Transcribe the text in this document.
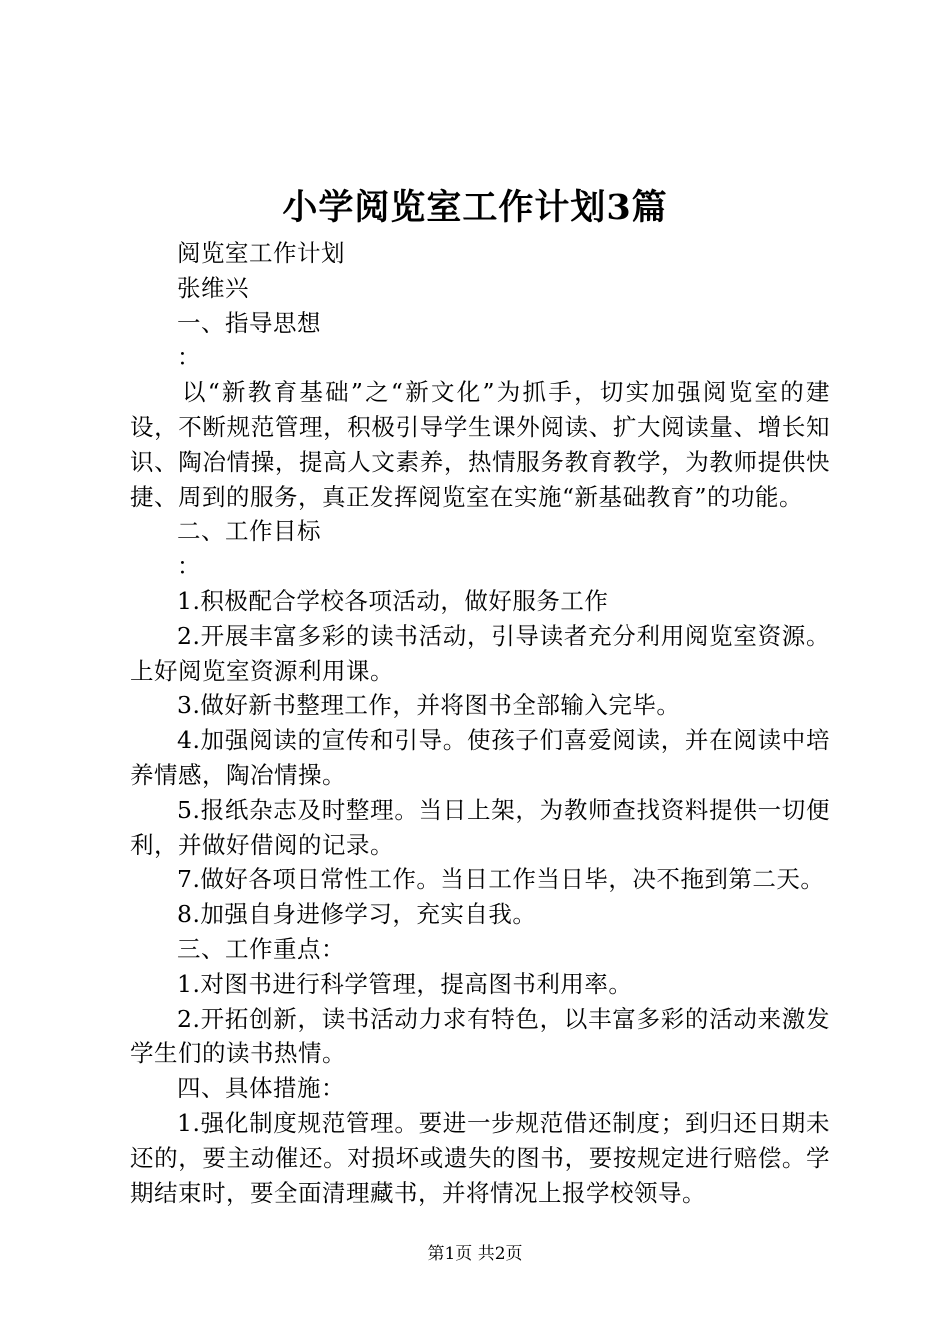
小学阅览室工作计划3篇

阅览室工作计划

张维兴

一、指导思想

：

以“新教育基础”之“新文化”为抓手，切实加强阅览室的建设，不断规范管理，积极引导学生课外阅读、扩大阅读量、增长知识、陶冶情操，提高人文素养，热情服务教育教学，为教师提供快捷、周到的服务，真正发挥阅览室在实施“新基础教育”的功能。

二、工作目标

：

1.积极配合学校各项活动，做好服务工作

2.开展丰富多彩的读书活动，引导读者充分利用阅览室资源。上好阅览室资源利用课。

3.做好新书整理工作，并将图书全部输入完毕。

4.加强阅读的宣传和引导。使孩子们喜爱阅读，并在阅读中培养情感，陶冶情操。

5.报纸杂志及时整理。当日上架，为教师查找资料提供一切便利，并做好借阅的记录。

7.做好各项日常性工作。当日工作当日毕，决不拖到第二天。

8.加强自身进修学习，充实自我。

三、工作重点：

1.对图书进行科学管理，提高图书利用率。

2.开拓创新，读书活动力求有特色，以丰富多彩的活动来激发学生们的读书热情。

四、具体措施：

1.强化制度规范管理。要进一步规范借还制度；到归还日期未还的，要主动催还。对损坏或遗失的图书，要按规定进行赔偿。学期结束时，要全面清理藏书，并将情况上报学校领导。

第1页 共2页
